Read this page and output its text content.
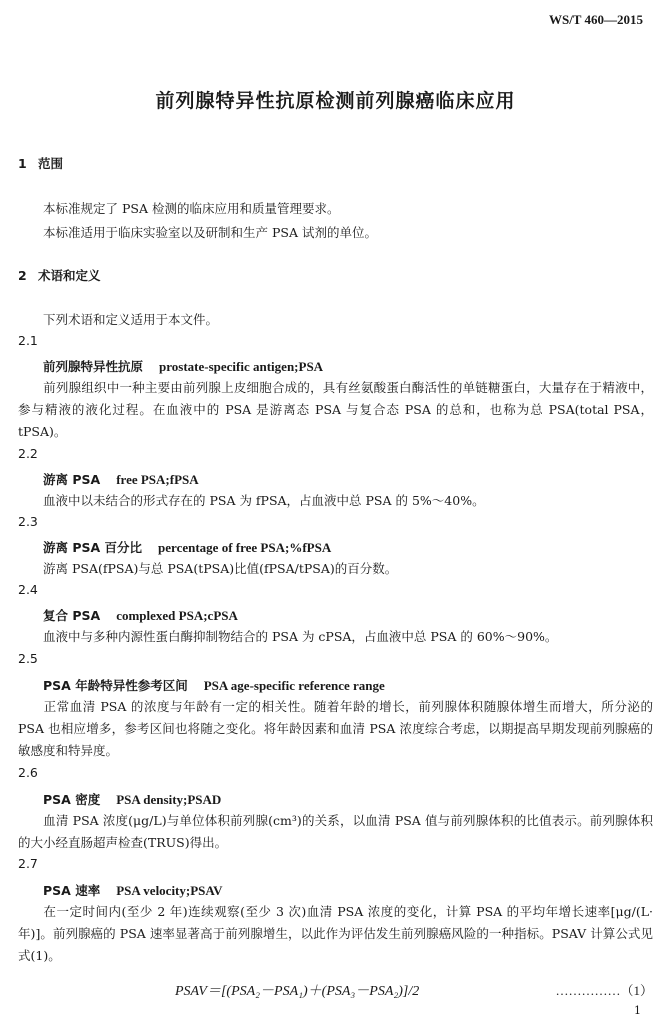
WS/T 460—2015
前列腺特异性抗原检测前列腺癌临床应用
1 范围
本标准规定了 PSA 检测的临床应用和质量管理要求。
本标准适用于临床实验室以及研制和生产 PSA 试剂的单位。
2 术语和定义
下列术语和定义适用于本文件。
2.1
前列腺特异性抗原 prostate-specific antigen;PSA
前列腺组织中一种主要由前列腺上皮细胞合成的，具有丝氨酸蛋白酶活性的单链糖蛋白，大量存在于精液中，参与精液的液化过程。在血液中的 PSA 是游离态 PSA 与复合态 PSA 的总和，也称为总 PSA(total PSA，tPSA)。
2.2
游离 PSA free PSA;fPSA
血液中以未结合的形式存在的 PSA 为 fPSA，占血液中总 PSA 的 5%～40%。
2.3
游离 PSA 百分比 percentage of free PSA;%fPSA
游离 PSA(fPSA)与总 PSA(tPSA)比值(fPSA/tPSA)的百分数。
2.4
复合 PSA complexed PSA;cPSA
血液中与多种内源性蛋白酶抑制物结合的 PSA 为 cPSA，占血液中总 PSA 的 60%～90%。
2.5
PSA 年龄特异性参考区间 PSA age-specific reference range
正常血清 PSA 的浓度与年龄有一定的相关性。随着年龄的增长，前列腺体积随腺体增生而增大，所分泌的 PSA 也相应增多，参考区间也将随之变化。将年龄因素和血清 PSA 浓度综合考虑，以期提高早期发现前列腺癌的敏感度和特异度。
2.6
PSA 密度 PSA density;PSAD
血清 PSA 浓度(μg/L)与单位体积前列腺(cm³)的关系，以血清 PSA 值与前列腺体积的比值表示。前列腺体积的大小经直肠超声检查(TRUS)得出。
2.7
PSA 速率 PSA velocity;PSAV
在一定时间内(至少 2 年)连续观察(至少 3 次)血清 PSA 浓度的变化，计算 PSA 的平均年增长速率[μg/(L·年)]。前列腺癌的 PSA 速率显著高于前列腺增生，以此作为评估发生前列腺癌风险的一种指标。PSAV 计算公式见式(1)。
PSAV＝[(PSA₂－PSA₁)＋(PSA₃－PSA₂)]/2	……………（1）
1
